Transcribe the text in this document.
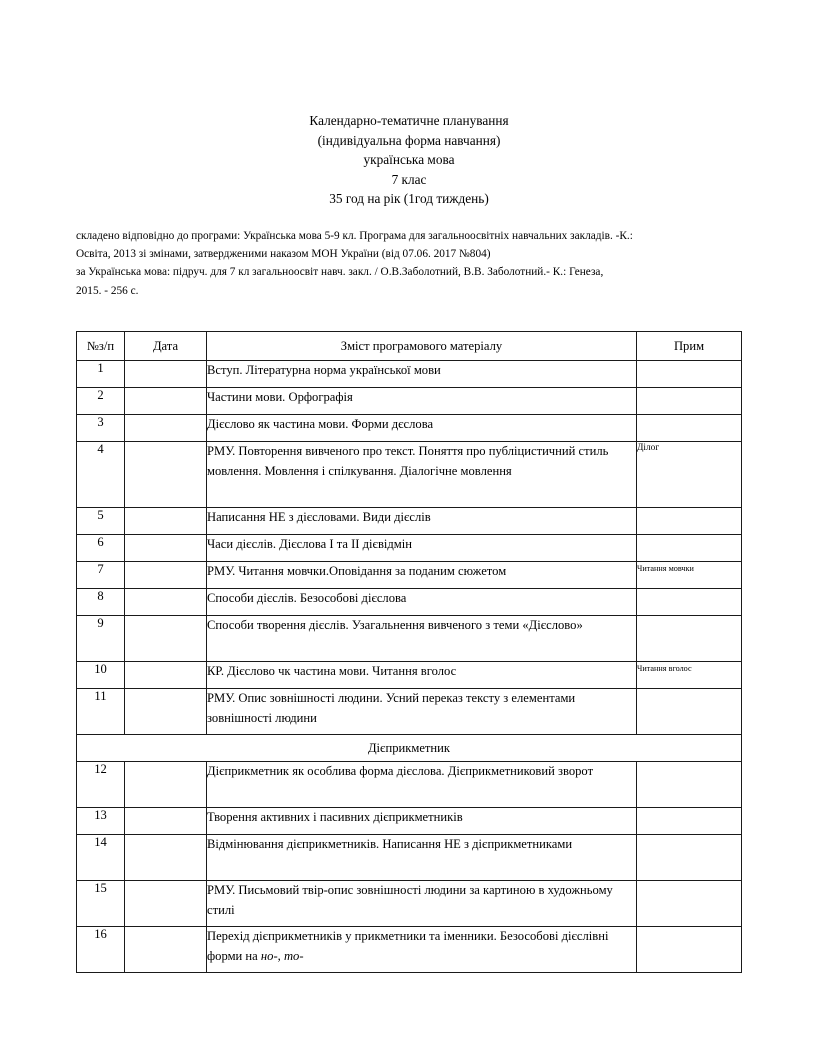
Календарно-тематичне планування
(індивідуальна форма навчання)
українська мова
7 клас
35 год на рік (1год тиждень)
складено відповідно до програми: Українська мова 5-9 кл. Програма для загальноосвітніх навчальних закладів. -К.:
Освіта, 2013 зі змінами, затвердженими наказом МОН України (від 07.06. 2017 №804)
за Українська мова: підруч. для 7 кл загальноосвіт навч. закл. / О.В.Заболотний, В.В. Заболотний.- К.: Генеза,
2015. - 256 с.
№з/п	Дата	Зміст програмового матеріалу	Прим
1		Вступ. Літературна норма української мови	
2		Частини мови. Орфографія	
3		Дієслово як частина мови. Форми дєслова	
4		РМУ. Повторення вивченого про текст. Поняття про публіцистичний стиль мовлення. Мовлення і спілкування. Діалогічне мовлення	Ділог
5		Написання НЕ з дієсловами. Види дієслів	
6		Часи дієслів. Дієслова І та ІІ дієвідмін	
7		РМУ. Читання мовчки.Оповідання за поданим сюжетом	Читання мовчки
8		Способи дієслів. Безособові дієслова	
9		Способи творення дієслів. Узагальнення вивченого з теми «Дієслово»	
10		КР. Дієслово чк частина мови. Читання вголос	Читання вголос
11		РМУ. Опис зовнішності людини. Усний переказ тексту з елементами зовнішності людини	
Дієприкметник			
12		Дієприкметник як особлива форма дієслова. Дієприкметниковий зворот	
13		Творення активних і пасивних дієприкметників	
14		Відмінювання дієприкметників. Написання НЕ з дієприкметниками	
15		РМУ. Письмовий твір-опис зовнішності людини за картиною в художньому стилі	
16		Перехід дієприкметників у прикметники та іменники. Безособові дієслівні форми на но-, то-	
